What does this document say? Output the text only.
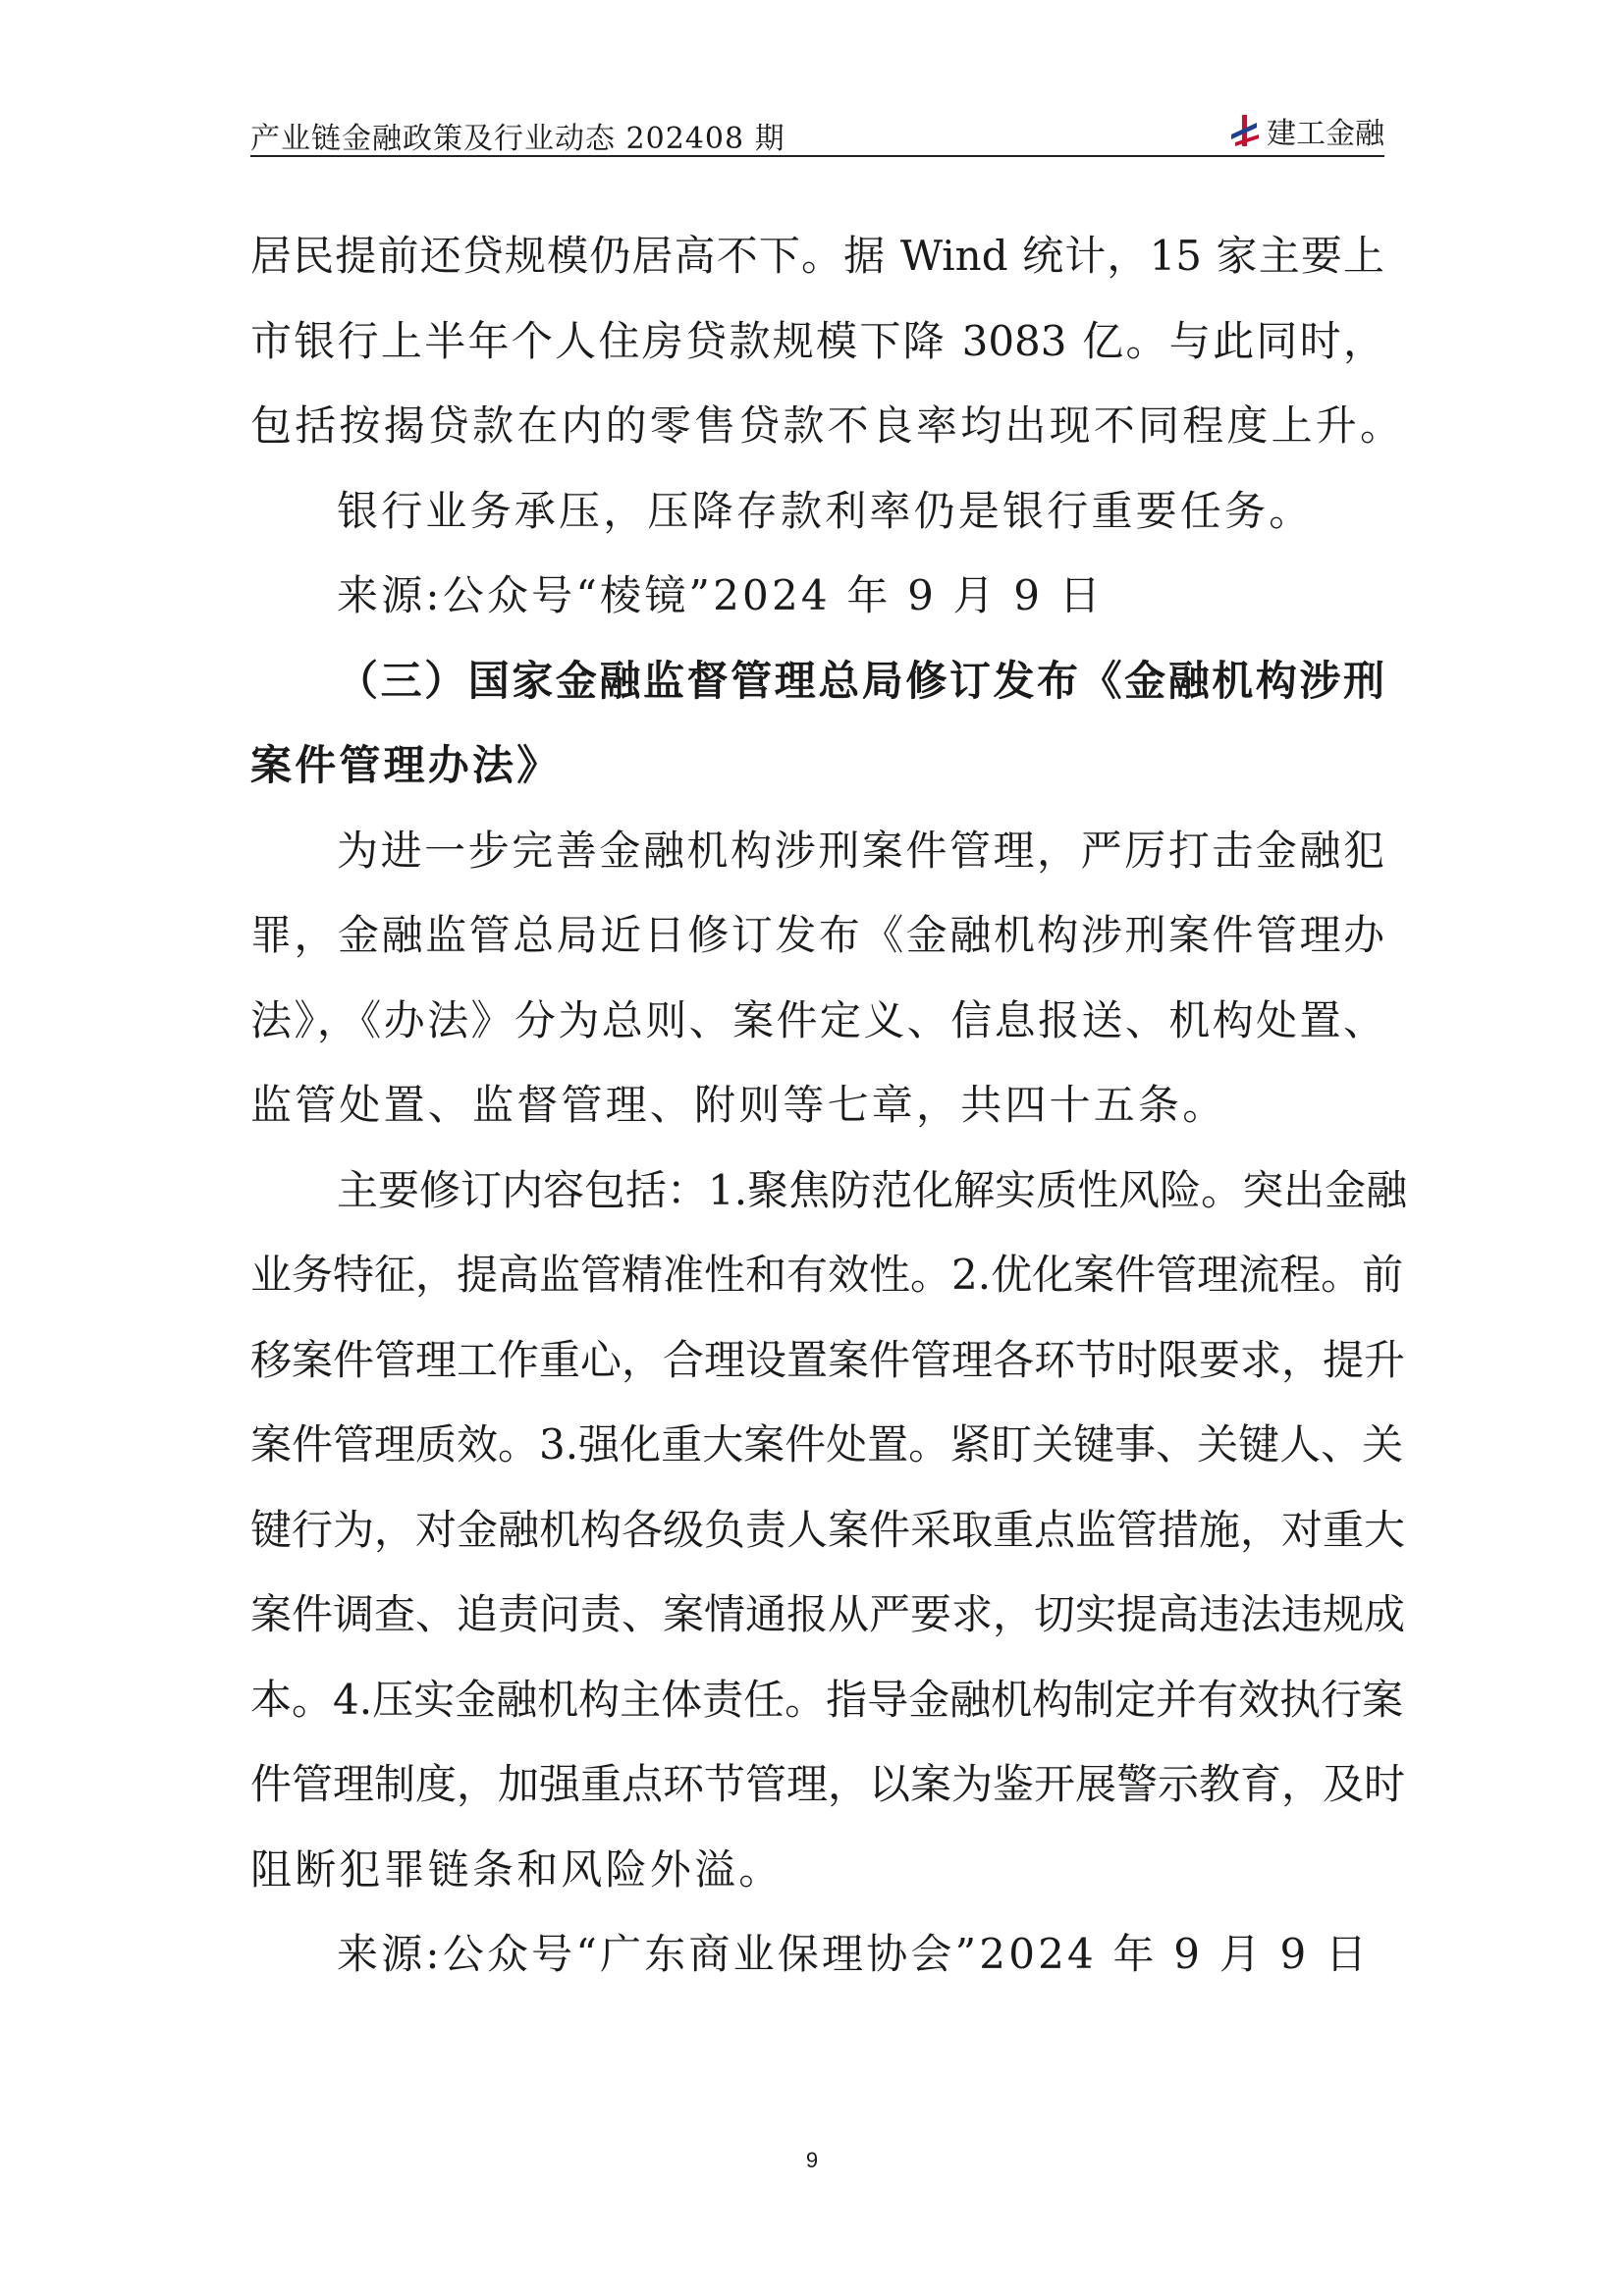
产业链金融政策及行业动态 202408 期	建工金融
居民提前还贷规模仍居高不下。据 Wind 统计，15 家主要上
市银行上半年个人住房贷款规模下降 3083 亿。与此同时，
包括按揭贷款在内的零售贷款不良率均出现不同程度上升。
银行业务承压，压降存款利率仍是银行重要任务。
来源:公众号“棱镜”2024 年 9 月 9 日
（三）国家金融监督管理总局修订发布《金融机构涉刑
案件管理办法》
为进一步完善金融机构涉刑案件管理，严厉打击金融犯
罪，金融监管总局近日修订发布《金融机构涉刑案件管理办
法》，《办法》分为总则、案件定义、信息报送、机构处置、
监管处置、监督管理、附则等七章，共四十五条。
主要修订内容包括：1.聚焦防范化解实质性风险。突出金融
业务特征，提高监管精准性和有效性。2.优化案件管理流程。前
移案件管理工作重心，合理设置案件管理各环节时限要求，提升
案件管理质效。3.强化重大案件处置。紧盯关键事、关键人、关
键行为，对金融机构各级负责人案件采取重点监管措施，对重大
案件调查、追责问责、案情通报从严要求，切实提高违法违规成
本。4.压实金融机构主体责任。指导金融机构制定并有效执行案
件管理制度，加强重点环节管理，以案为鉴开展警示教育，及时
阻断犯罪链条和风险外溢。
来源:公众号“广东商业保理协会”2024 年 9 月 9 日
9
